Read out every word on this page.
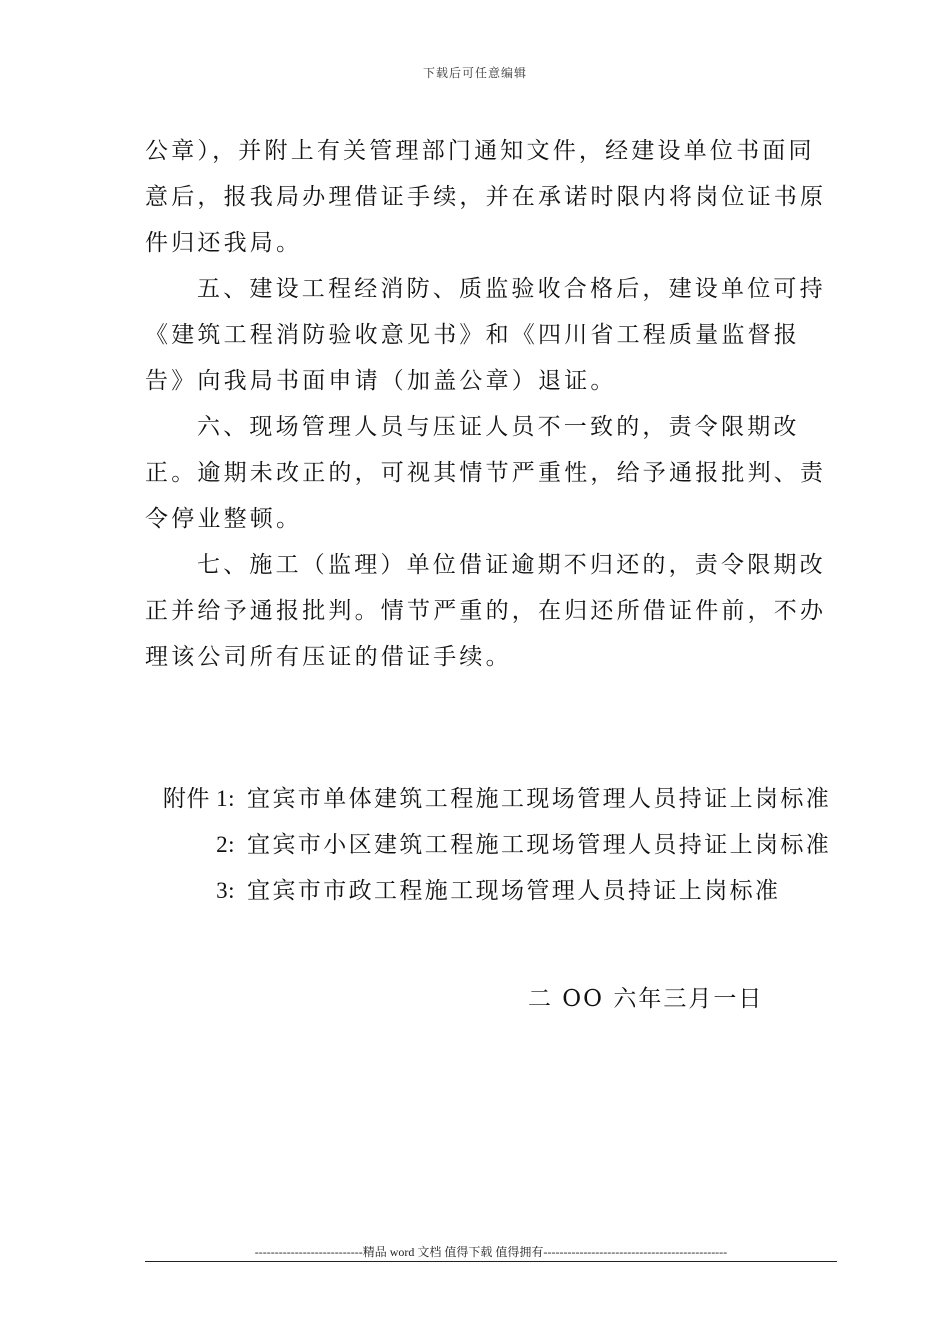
下载后可任意编辑

公章），并附上有关管理部门通知文件，经建设单位书面同意后，报我局办理借证手续，并在承诺时限内将岗位证书原件归还我局。

五、建设工程经消防、质监验收合格后，建设单位可持《建筑工程消防验收意见书》和《四川省工程质量监督报告》向我局书面申请（加盖公章）退证。

六、现场管理人员与压证人员不一致的，责令限期改正。逾期未改正的，可视其情节严重性，给予通报批判、责令停业整顿。

七、施工（监理）单位借证逾期不归还的，责令限期改正并给予通报批判。情节严重的，在归还所借证件前，不办理该公司所有压证的借证手续。

附件 1: 宜宾市单体建筑工程施工现场管理人员持证上岗标准
2: 宜宾市小区建筑工程施工现场管理人员持证上岗标准
3: 宜宾市市政工程施工现场管理人员持证上岗标准
二 OO 六年三月一日
---------------------------精品 word 文档 值得下载 值得拥有----------------------------------------------
